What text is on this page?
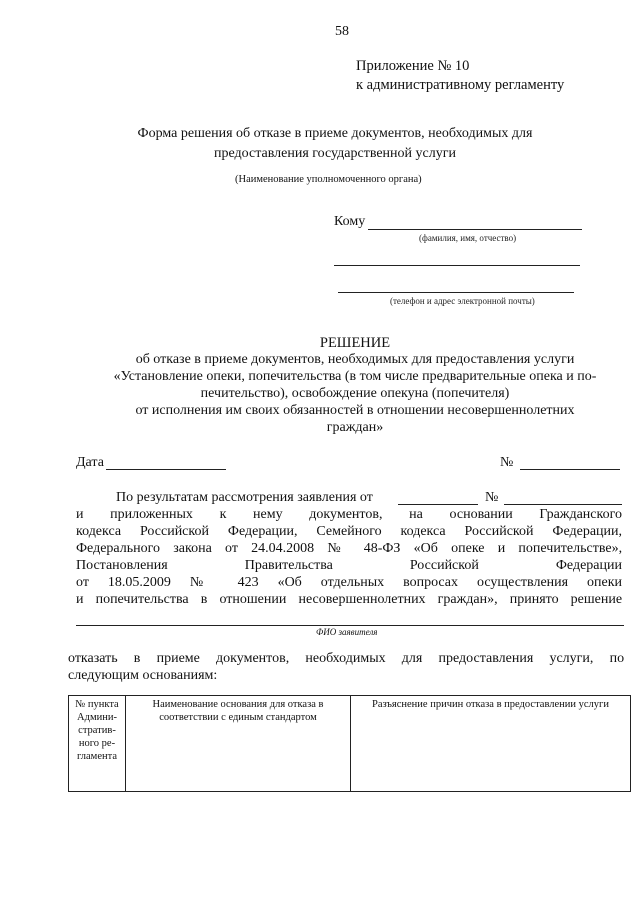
58
Приложение № 10
к административному регламенту
Форма решения об отказе в приеме документов, необходимых для
предоставления государственной услуги
(Наименование уполномоченного органа)
Кому
(фамилия, имя, отчество)
(телефон и адрес электронной почты)
РЕШЕНИЕ
об отказе в приеме документов, необходимых для предоставления услуги
«Установление опеки, попечительства (в том числе предварительные опека и по-
печительство), освобождение опекуна (попечителя)
от исполнения им своих обязанностей в отношении несовершеннолетних
граждан»
Дата	№
По результатам рассмотрения заявления от	№
и приложенных к нему документов, на основании Гражданского
кодекса Российской Федерации, Семейного кодекса Российской Федерации,
Федерального закона от 24.04.2008 № 48-ФЗ «Об опеке и попечительстве»,
Постановления	Правительства	Российской	Федерации
от 18.05.2009 № 423 «Об отдельных вопросах осуществления опеки
и попечительства в отношении несовершеннолетних граждан», принято решение
ФИО заявителя
отказать в приеме документов, необходимых для предоставления услуги, по
следующим основаниям:
№ пункта Админи-стратив-ного ре-гламента	Наименование основания для отказа в соответствии с единым стандартом	Разъяснение причин отказа в предоставлении услуги
